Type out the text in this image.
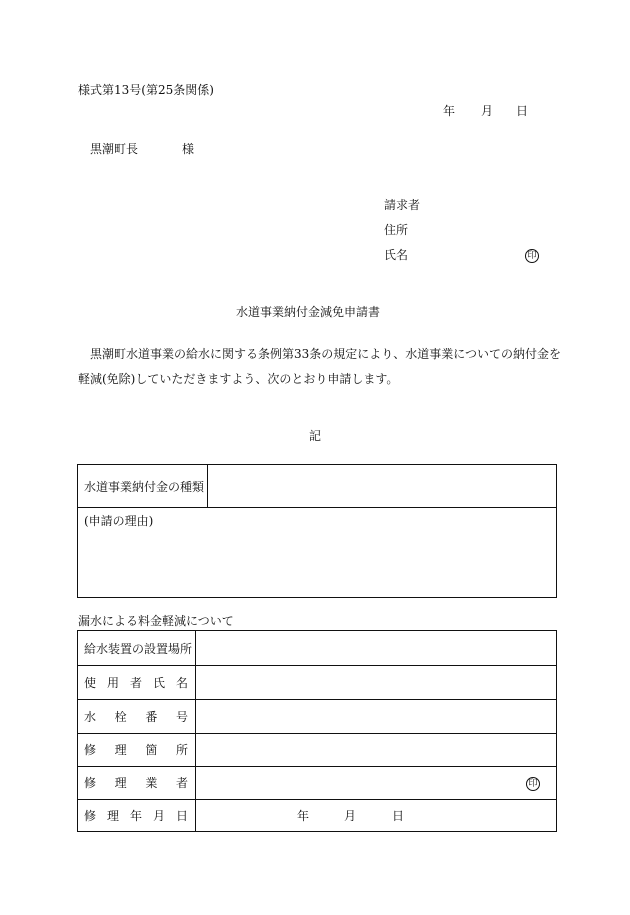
様式第13号(第25条関係)
年 月 日
黒潮町長	様
請求者
住所
氏名	印
水道事業納付金減免申請書
黒潮町水道事業の給水に関する条例第33条の規定により、水道事業についての納付金を
軽減(免除)していただきますよう、次のとおり申請します。
記
水道事業納付金の種類
(申請の理由)
漏水による料金軽減について
給水装置の設置場所
使 用 者 氏 名
水 栓 番 号
修 理 箇 所
修 理 業 者	印
修 理 年 月 日	年	月	日
